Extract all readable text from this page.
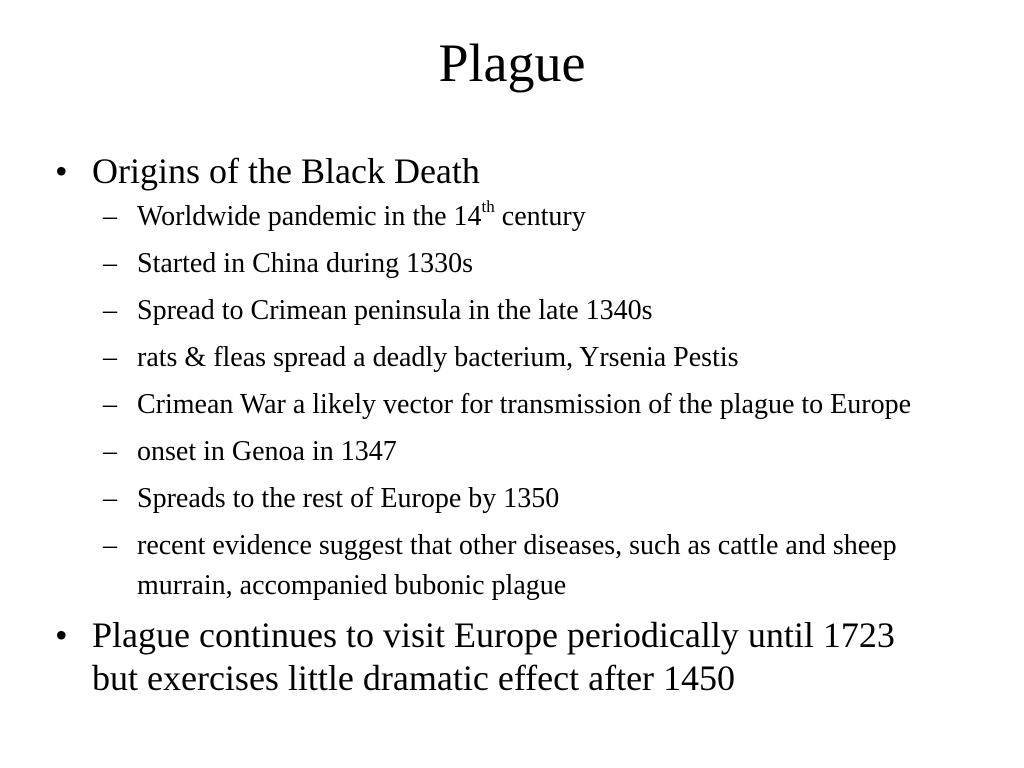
Plague
• Origins of the Black Death
– Worldwide pandemic in the 14th century
– Started in China during 1330s
– Spread to Crimean peninsula in the late 1340s
– rats & fleas spread a deadly bacterium, Yrsenia Pestis
– Crimean War a likely vector for transmission of the plague to Europe
– onset in Genoa in 1347
– Spreads to the rest of Europe by 1350
– recent evidence suggest that other diseases, such as cattle and sheep murrain, accompanied bubonic plague
• Plague continues to visit Europe periodically until 1723 but exercises little dramatic effect after 1450
